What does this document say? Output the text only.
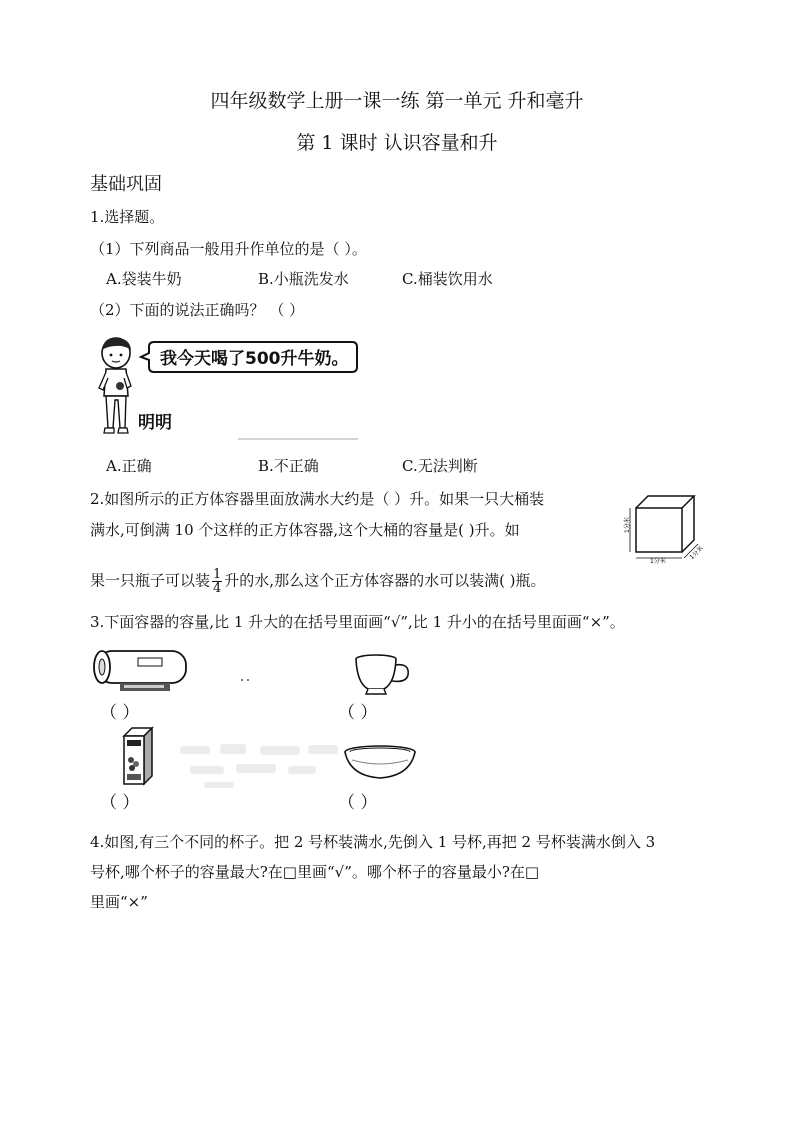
四年级数学上册一课一练 第一单元 升和毫升
第 1 课时 认识容量和升
基础巩固
1.选择题。
（1）下列商品一般用升作单位的是（ ）。
A.袋装牛奶	B.小瓶洗发水	C.桶装饮用水
（2）下面的说法正确吗？ （ ）
我今天喝了500升牛奶。
明明
A.正确	B.不正确	C.无法判断
2.如图所示的正方体容器里面放满水大约是（ ）升。如果一只大桶装
满水,可倒满 10 个这样的正方体容器,这个大桶的容量是( )升。如
果一只瓶子可以装 $\frac{1}{4}$ 升的水,那么这个正方体容器的水可以装满( )瓶。
1分米
1分米
1分米
3.下面容器的容量,比 1 升大的在括号里面画“√”,比 1 升小的在括号里面画“×”。
（ ）	（ ）
（ ）	（ ）
4.如图,有三个不同的杯子。把 2 号杯装满水,先倒入 1 号杯,再把 2 号杯装满水倒入 3
号杯,哪个杯子的容量最大?在□里画“√”。哪个杯子的容量最小?在□
里画“×”
